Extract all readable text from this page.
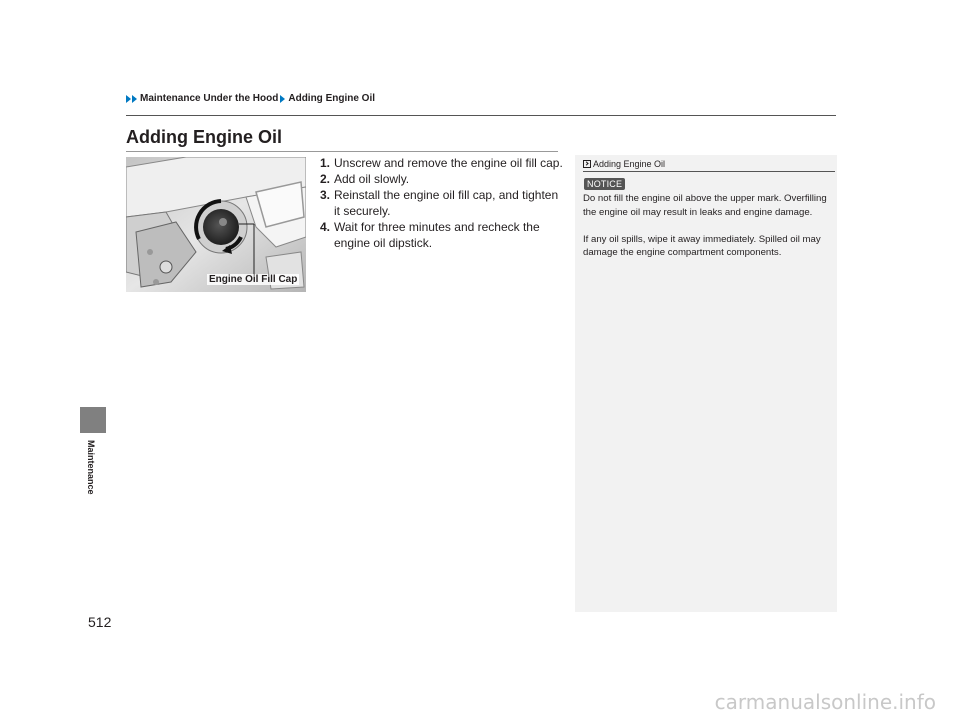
Maintenance Under the Hood Adding Engine Oil
Adding Engine Oil
Engine Oil Fill Cap
1. Unscrew and remove the engine oil fill cap.
2. Add oil slowly.
3. Reinstall the engine oil fill cap, and tighten it securely.
4. Wait for three minutes and recheck the engine oil dipstick.
Adding Engine Oil
NOTICE

Do not fill the engine oil above the upper mark. Overfilling the engine oil may result in leaks and engine damage.

If any oil spills, wipe it away immediately. Spilled oil may damage the engine compartment components.

Maintenance
512
carmanualsonline.info
